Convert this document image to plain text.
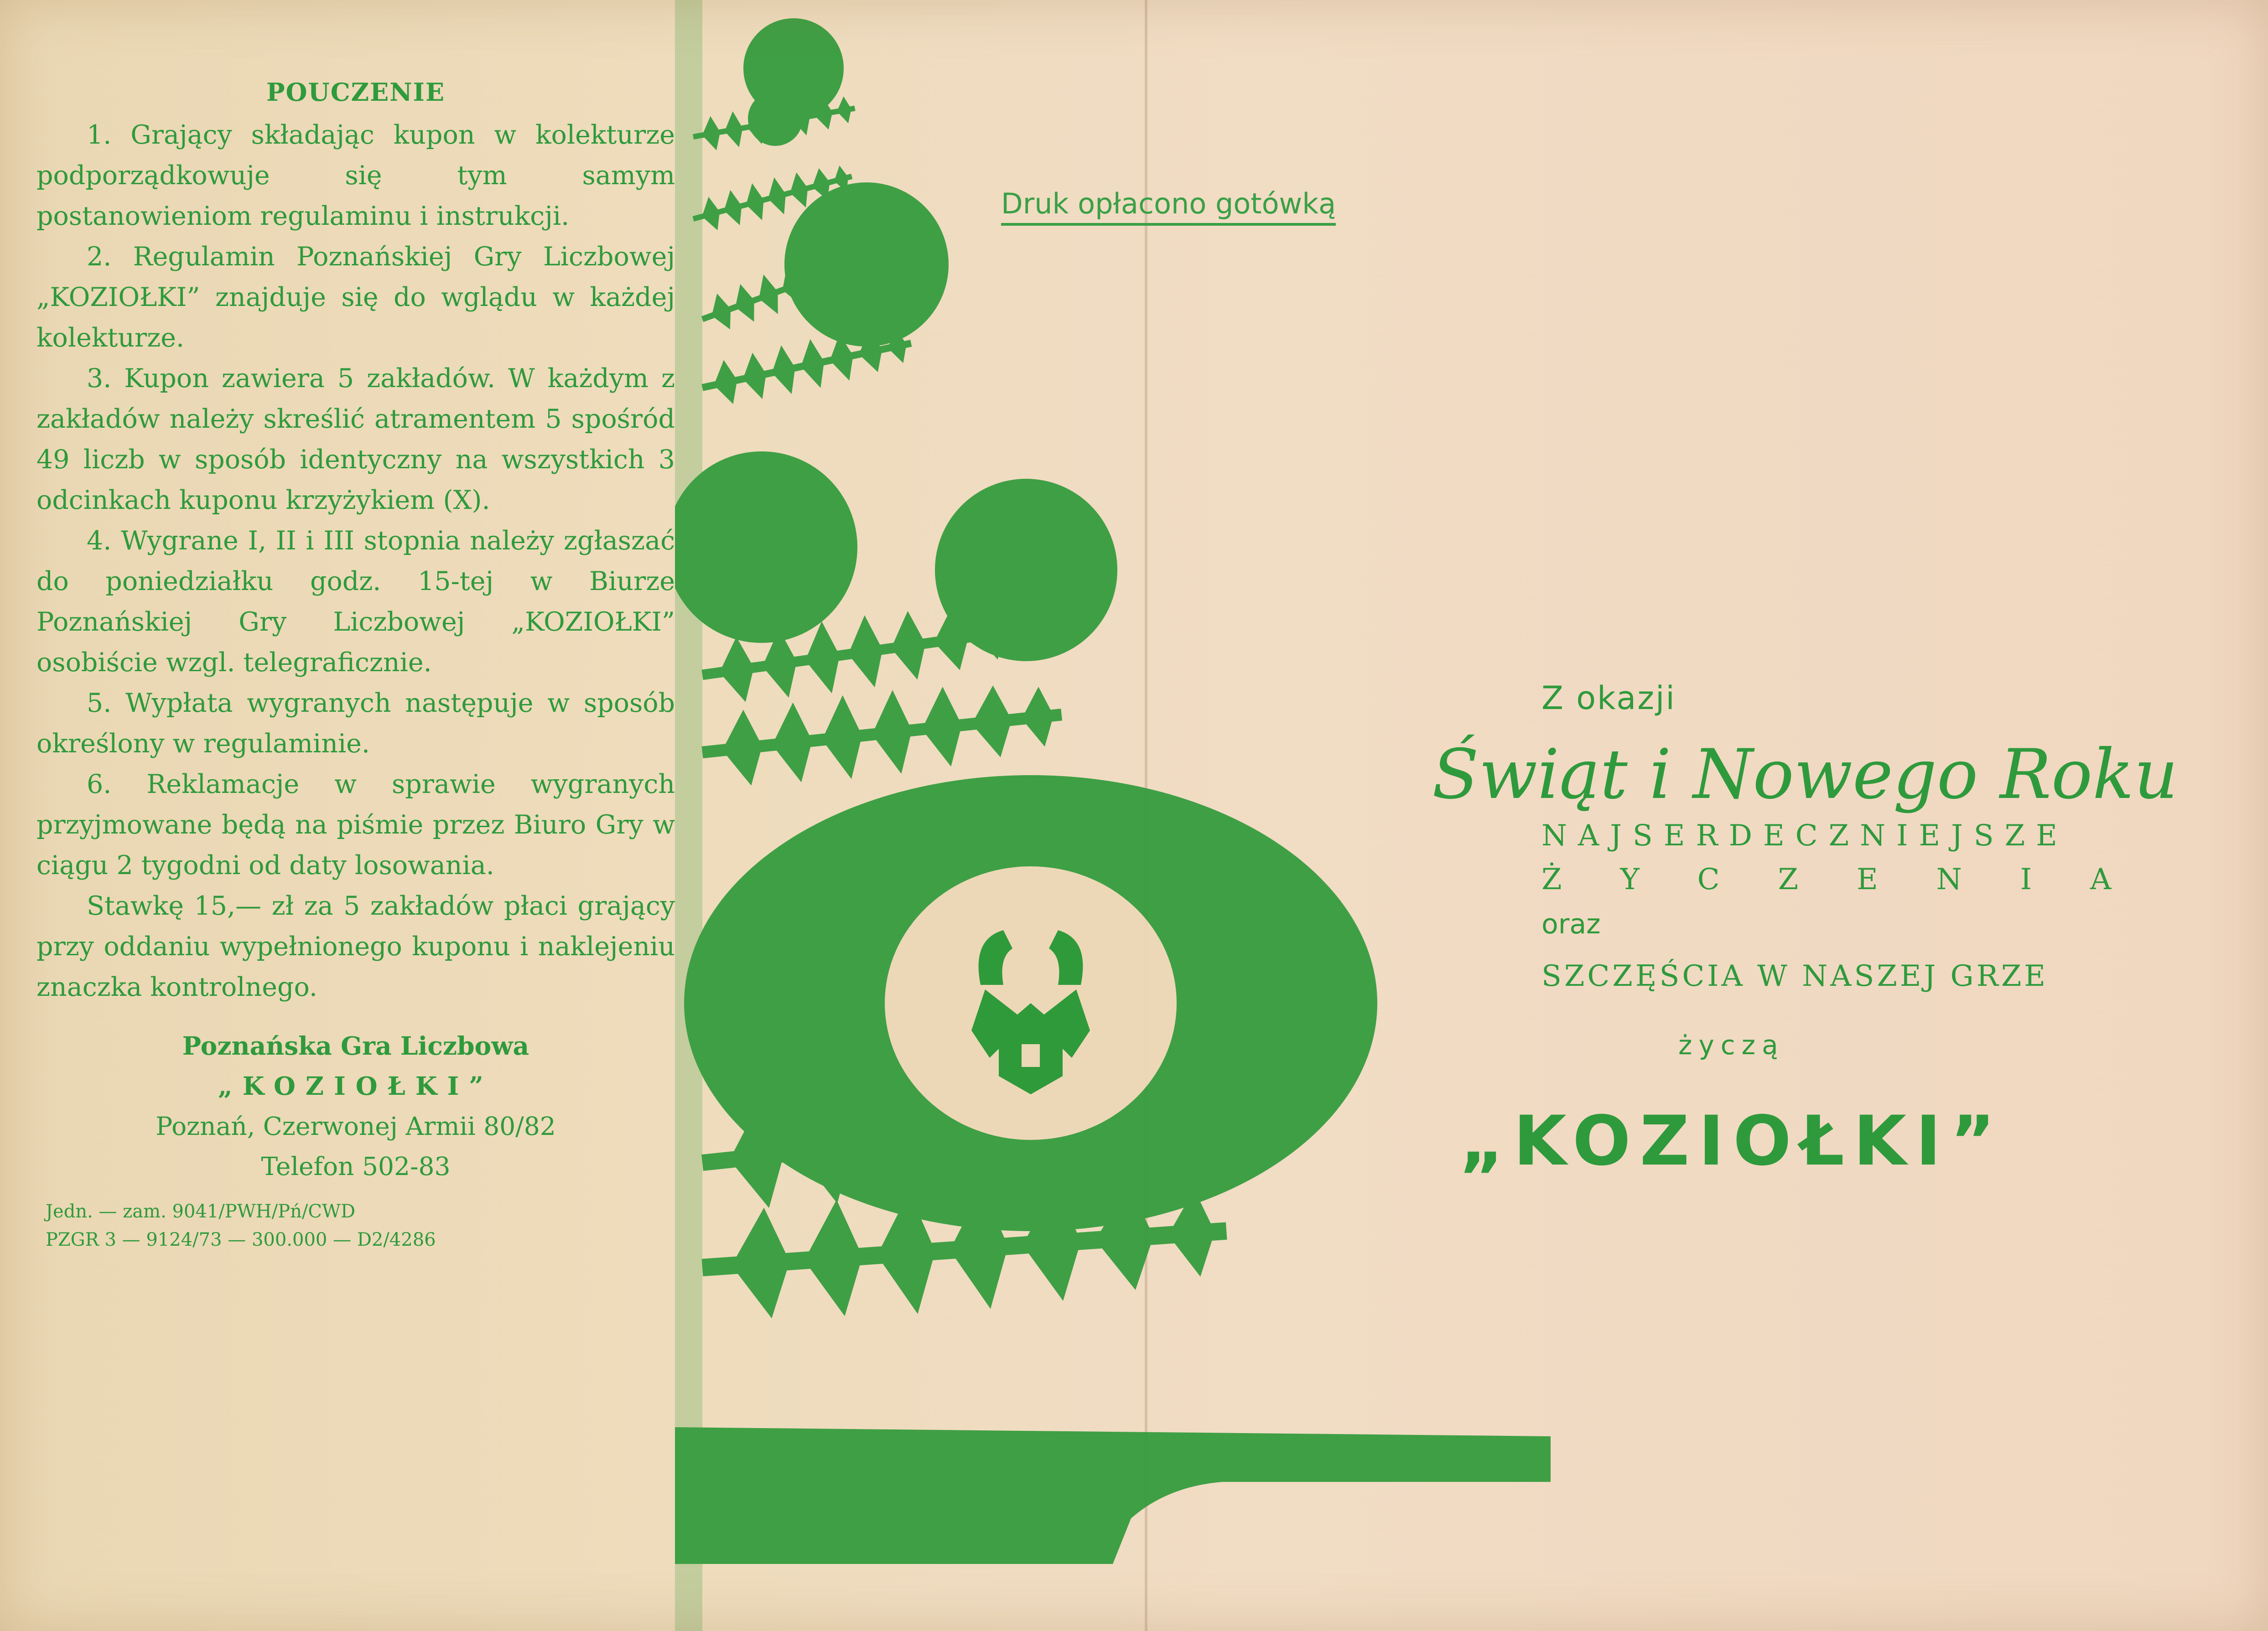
POUCZENIE

1. Grający składając kupon w kolekturze podporządkowuje się tym samym postanowieniom regulaminu i instrukcji.

2. Regulamin Poznańskiej Gry Liczbowej „KOZIOŁKI” znajduje się do wglądu w każdej kolekturze.

3. Kupon zawiera 5 zakładów. W każdym z zakładów należy skreślić atramentem 5 spośród 49 liczb w sposób identyczny na wszystkich 3 odcinkach kuponu krzyżykiem (X).

4. Wygrane I, II i III stopnia należy zgłaszać do poniedziałku godz. 15-tej w Biurze Poznańskiej Gry Liczbowej „KOZIOŁKI” osobiście wzgl. telegraficznie.

5. Wypłata wygranych następuje w sposób określony w regulaminie.

6. Reklamacje w sprawie wygranych przyjmowane będą na piśmie przez Biuro Gry w ciągu 2 tygodni od daty losowania.

Stawkę 15,— zł za 5 zakładów płaci grający przy oddaniu wypełnionego kuponu i naklejeniu znaczka kontrolnego.

Poznańska Gra Liczbowa
„KOZIOŁKI”
Poznań, Czerwonej Armii 80/82
Telefon 502-83
Jedn. — zam. 9041/PWH/Pń/CWD
PZGR 3 — 9124/73 — 300.000 — D2/4286
Druk opłacono gotówką
Z okazji
Świąt i Nowego Roku
NAJSERDECZNIEJSZE
ŻYCZENIA
oraz
SZCZĘŚCIA W NASZEJ GRZE
życzą
„KOZIOŁKI”
